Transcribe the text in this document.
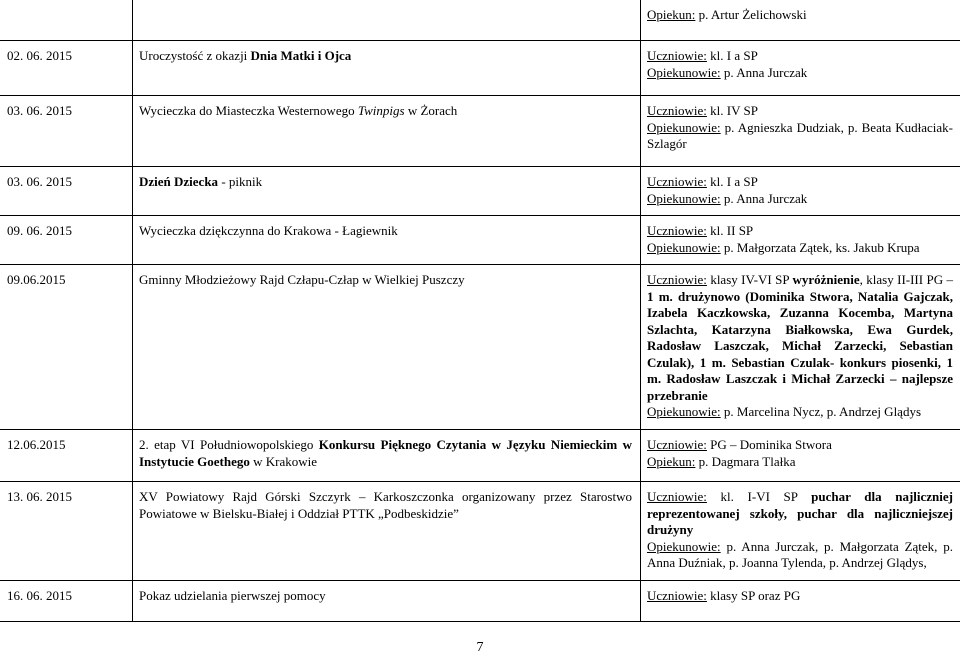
Opiekun: p. Artur Żelichowski
02. 06. 2015	Uroczystość z okazji Dnia Matki i Ojca	Uczniowie: kl. I a SP
Opiekunowie: p. Anna Jurczak
03. 06. 2015	Wycieczka do Miasteczka Westernowego Twinpigs w Żorach	Uczniowie: kl. IV SP
Opiekunowie: p. Agnieszka Dudziak, p. Beata Kudłaciak-Szlagór
03. 06. 2015	Dzień Dziecka - piknik	Uczniowie: kl. I a SP
Opiekunowie: p. Anna Jurczak
09. 06. 2015	Wycieczka dziękczynna do Krakowa - Łagiewnik	Uczniowie: kl. II SP
Opiekunowie: p. Małgorzata Zątek, ks. Jakub Krupa
09.06.2015	Gminny Młodzieżowy Rajd Człapu-Człap w Wielkiej Puszczy	Uczniowie: klasy IV-VI SP wyróżnienie, klasy II-III PG – 1 m. drużynowo (Dominika Stwora, Natalia Gajczak, Izabela Kaczkowska, Zuzanna Kocemba, Martyna Szlachta, Katarzyna Białkowska, Ewa Gurdek, Radosław Laszczak, Michał Zarzecki, Sebastian Czulak), 1 m. Sebastian Czulak- konkurs piosenki, 1 m. Radosław Laszczak i Michał Zarzecki – najlepsze przebranie
Opiekunowie: p. Marcelina Nycz, p. Andrzej Glądys
12.06.2015	2. etap VI Południowopolskiego Konkursu Pięknego Czytania w Języku Niemieckim w Instytucie Goethego w Krakowie
Uczniowie: PG – Dominika Stwora
Opiekun: p. Dagmara Tlałka
13. 06. 2015	XV Powiatowy Rajd Górski Szczyrk – Karkoszczonka organizowany przez Starostwo Powiatowe w Bielsku-Białej i Oddział PTTK „Podbeskidzie”
Uczniowie: kl. I-VI SP puchar dla najliczniej reprezentowanej szkoły, puchar dla najliczniejszej drużyny
Opiekunowie: p. Anna Jurczak, p. Małgorzata Zątek, p. Anna Duźniak, p. Joanna Tylenda, p. Andrzej Glądys,
16. 06. 2015	Pokaz udzielania pierwszej pomocy	Uczniowie: klasy SP oraz PG
7
